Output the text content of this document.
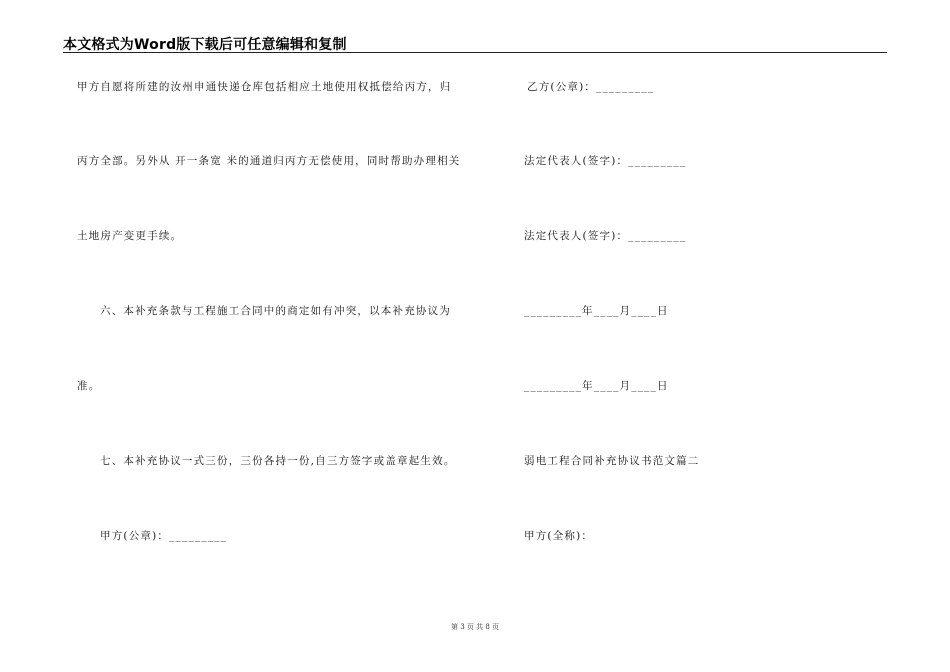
本文格式为Word版下载后可任意编辑和复制
甲方自愿将所建的汝州申通快递仓库包括相应土地使用权抵偿给丙方，归
丙方全部。另外从 开一条宽 米的通道归丙方无偿使用，同时帮助办理相关
土地房产变更手续。
六、本补充条款与工程施工合同中的商定如有冲突，以本补充协议为
准。
七、本补充协议一式三份，三份各持一份,自三方签字或盖章起生效。
甲方(公章)：_________
乙方(公章)：_________
法定代表人(签字)：_________
法定代表人(签字)：_________
_________年____月____日
_________年____月____日
弱电工程合同补充协议书范文篇二
甲方(全称)：
第 3 页 共 8 页
